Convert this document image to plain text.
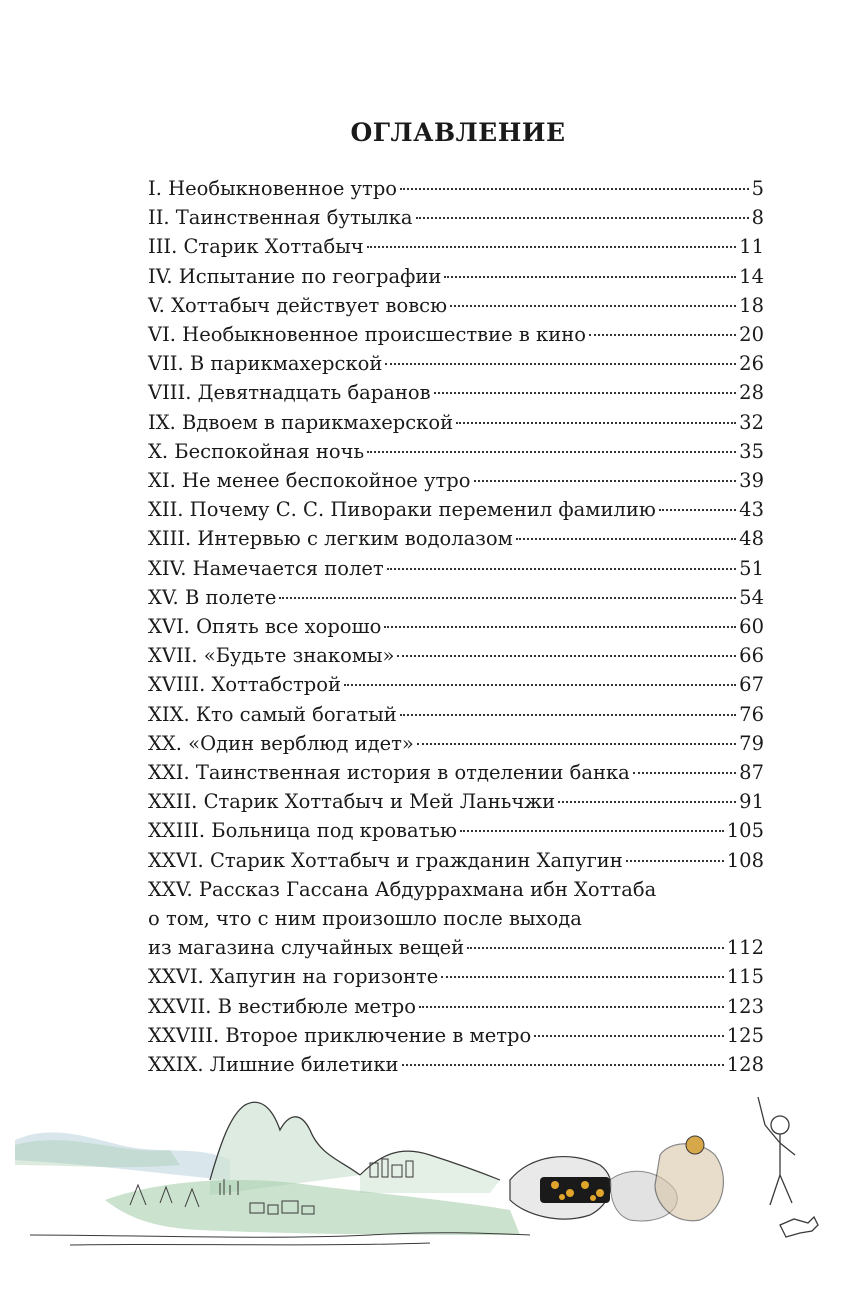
ОГЛАВЛЕНИЕ
I. Необыкновенное утро	5
II. Таинственная бутылка	8
III. Старик Хоттабыч	11
IV. Испытание по географии	14
V. Хоттабыч действует вовсю	18
VI. Необыкновенное происшествие в кино	20
VII. В парикмахерской	26
VIII. Девятнадцать баранов	28
IX. Вдвоем в парикмахерской	32
X. Беспокойная ночь	35
XI. Не менее беспокойное утро	39
XII. Почему С. С. Пивораки переменил фамилию	43
XIII. Интервью с легким водолазом	48
XIV. Намечается полет	51
XV. В полете	54
XVI. Опять все хорошо	60
XVII. «Будьте знакомы»	66
XVIII. Хоттабстрой	67
XIX. Кто самый богатый	76
XX. «Один верблюд идет»	79
XXI. Таинственная история в отделении банка	87
XXII. Старик Хоттабыч и Мей Ланьчжи	91
XXIII. Больница под кроватью	105
XXVI. Старик Хоттабыч и гражданин Хапугин	108
XXV. Рассказ Гассана Абдуррахмана ибн Хоттаба
о том, что с ним произошло после выхода
из магазина случайных вещей	112
XXVI. Хапугин на горизонте	115
XXVII. В вестибюле метро	123
XXVIII. Второе приключение в метро	125
XXIX. Лишние билетики	128
